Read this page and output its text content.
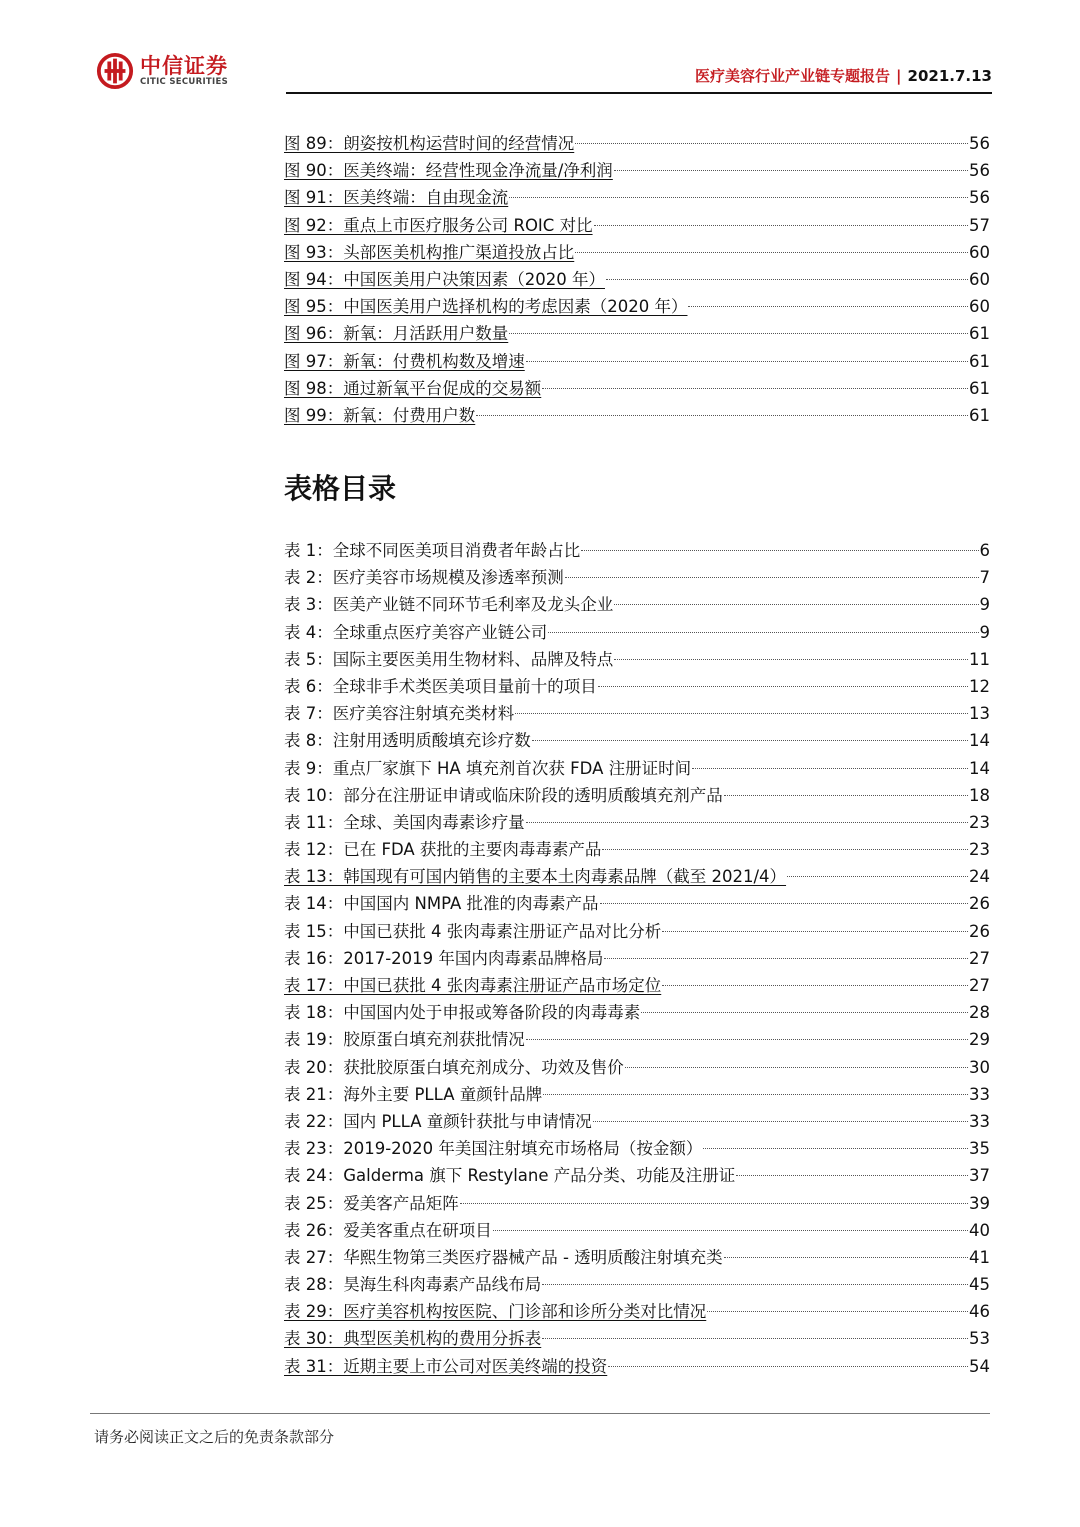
中信证券
CITIC SECURITIES	医疗美容行业产业链专题报告 | 2021.7.13
图 89：朗姿按机构运营时间的经营情况	56
图 90：医美终端：经营性现金净流量/净利润	56
图 91：医美终端：自由现金流	56
图 92：重点上市医疗服务公司 ROIC 对比	57
图 93：头部医美机构推广渠道投放占比	60
图 94：中国医美用户决策因素（2020 年）	60
图 95：中国医美用户选择机构的考虑因素（2020 年）	60
图 96：新氧：月活跃用户数量	61
图 97：新氧：付费机构数及增速	61
图 98：通过新氧平台促成的交易额	61
图 99：新氧：付费用户数	61
表格目录
表 1：全球不同医美项目消费者年龄占比	6
表 2：医疗美容市场规模及渗透率预测	7
表 3：医美产业链不同环节毛利率及龙头企业	9
表 4：全球重点医疗美容产业链公司	9
表 5：国际主要医美用生物材料、品牌及特点	11
表 6：全球非手术类医美项目量前十的项目	12
表 7：医疗美容注射填充类材料	13
表 8：注射用透明质酸填充诊疗数	14
表 9：重点厂家旗下 HA 填充剂首次获 FDA 注册证时间	14
表 10：部分在注册证申请或临床阶段的透明质酸填充剂产品	18
表 11：全球、美国肉毒素诊疗量	23
表 12：已在 FDA 获批的主要肉毒毒素产品	23
表 13：韩国现有可国内销售的主要本土肉毒素品牌（截至 2021/4）	24
表 14：中国国内 NMPA 批准的肉毒素产品	26
表 15：中国已获批 4 张肉毒素注册证产品对比分析	26
表 16：2017-2019 年国内肉毒素品牌格局	27
表 17：中国已获批 4 张肉毒素注册证产品市场定位	27
表 18：中国国内处于申报或筹备阶段的肉毒毒素	28
表 19：胶原蛋白填充剂获批情况	29
表 20：获批胶原蛋白填充剂成分、功效及售价	30
表 21：海外主要 PLLA 童颜针品牌	33
表 22：国内 PLLA 童颜针获批与申请情况	33
表 23：2019-2020 年美国注射填充市场格局（按金额）	35
表 24：Galderma 旗下 Restylane 产品分类、功能及注册证	37
表 25：爱美客产品矩阵	39
表 26：爱美客重点在研项目	40
表 27：华熙生物第三类医疗器械产品 - 透明质酸注射填充类	41
表 28：昊海生科肉毒素产品线布局	45
表 29：医疗美容机构按医院、门诊部和诊所分类对比情况	46
表 30：典型医美机构的费用分拆表	53
表 31：近期主要上市公司对医美终端的投资	54
请务必阅读正文之后的免责条款部分
